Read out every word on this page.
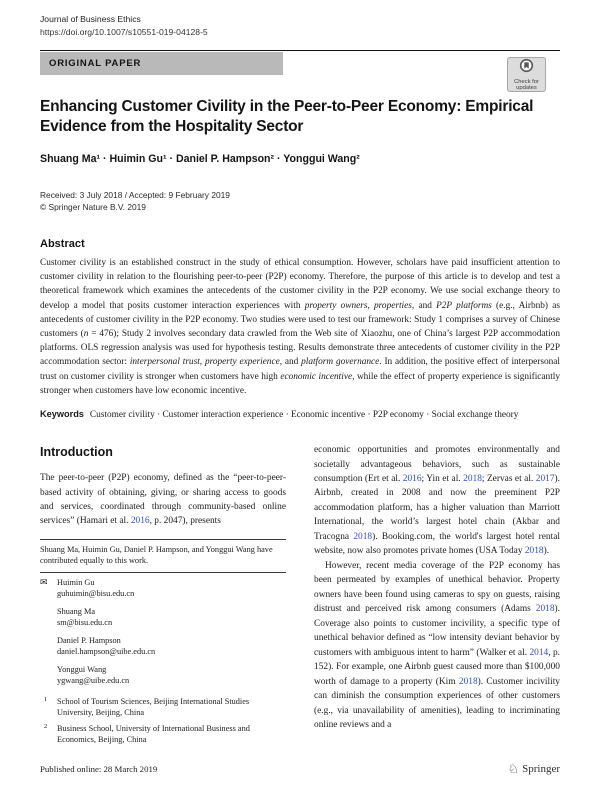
Journal of Business Ethics
https://doi.org/10.1007/s10551-019-04128-5
ORIGINAL PAPER
Check for
updates
Enhancing Customer Civility in the Peer-to-Peer Economy: Empirical Evidence from the Hospitality Sector
Shuang Ma¹ · Huimin Gu¹ · Daniel P. Hampson² · Yonggui Wang²
Received: 3 July 2018 / Accepted: 9 February 2019
© Springer Nature B.V. 2019
Abstract

Customer civility is an established construct in the study of ethical consumption. However, scholars have paid insufficient attention to customer civility in relation to the flourishing peer-to-peer (P2P) economy. Therefore, the purpose of this article is to develop and test a theoretical framework which examines the antecedents of the customer civility in the P2P economy. We use social exchange theory to develop a model that posits customer interaction experiences with property owners, properties, and P2P platforms (e.g., Airbnb) as antecedents of customer civility in the P2P economy. Two studies were used to test our framework: Study 1 comprises a survey of Chinese customers (n = 476); Study 2 involves secondary data crawled from the Web site of Xiaozhu, one of China’s largest P2P accommodation platforms. OLS regression analysis was used for hypothesis testing. Results demonstrate three antecedents of customer civility in the P2P accommodation sector: interpersonal trust, property experience, and platform governance. In addition, the positive effect of interpersonal trust on customer civility is stronger when customers have high economic incentive, while the effect of property experience is significantly stronger when customers have low economic incentive.

Keywords Customer civility · Customer interaction experience · Economic incentive · P2P economy · Social exchange theory

Introduction

The peer-to-peer (P2P) economy, defined as the “peer-to-peer-based activity of obtaining, giving, or sharing access to goods and services, coordinated through community-based online services” (Hamari et al. 2016, p. 2047), presents

Shuang Ma, Huimin Gu, Daniel P. Hampson, and Yonggui Wang have contributed equally to this work.
✉ Huimin Gu
guhuimin@bisu.edu.cn
Shuang Ma
sm@bisu.edu.cn
Daniel P. Hampson
daniel.hampson@uibe.edu.cn
Yonggui Wang
ygwang@uibe.edu.cn
1 School of Tourism Sciences, Beijing International Studies University, Beijing, China
2 Business School, University of International Business and Economics, Beijing, China

economic opportunities and promotes environmentally and societally advantageous behaviors, such as sustainable consumption (Ert et al. 2016; Yin et al. 2018; Zervas et al. 2017). Airbnb, created in 2008 and now the preeminent P2P accommodation platform, has a higher valuation than Marriott International, the world’s largest hotel chain (Akbar and Tracogna 2018). Booking.com, the world's largest hotel rental website, now also promotes private homes (USA Today 2018).

However, recent media coverage of the P2P economy has been permeated by examples of unethical behavior. Property owners have been found using cameras to spy on guests, raising distrust and perceived risk among consumers (Adams 2018). Coverage also points to customer incivility, a specific type of unethical behavior defined as “low intensity deviant behavior by customers with ambiguous intent to harm” (Walker et al. 2014, p. 152). For example, one Airbnb guest caused more than $100,000 worth of damage to a property (Kim 2018). Customer incivility can diminish the consumption experiences of other customers (e.g., via unavailability of amenities), leading to incriminating online reviews and a

Published online: 28 March 2019	♘ Springer
